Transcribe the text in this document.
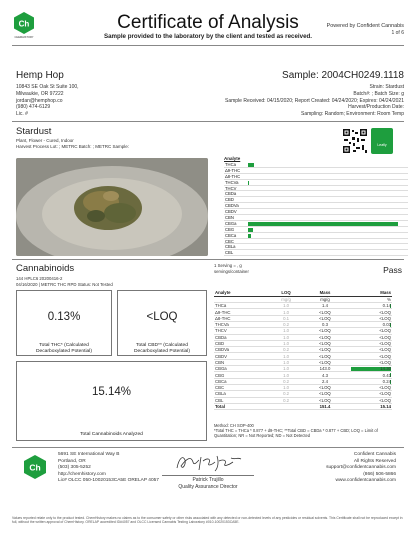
Ch
CHEMHISTORY
Certificate of Analysis
Sample provided to the laboratory by the client and tested as received.
Powered by Confident Cannabis
1 of 6
Hemp Hop
10843 SE Oak St Suite 100,
Milwaukie, OR 97222
jordan@hemphop.co
(980) 474-6129
Lic. #
Sample: 2004CH0249.1118
Strain: Stardust
Batch#: ; Batch Size: g
Sample Received: 04/15/2020; Report Created: 04/24/2020; Expires: 04/24/2021
Harvest/Production Date:
Sampling: Random; Environment: Room Temp
Stardust
Plant, Flower - Cured, Indoor
Harvest Process Lot: ; METRC Batch: ; METRC Sample:	Leafly
Analyte
THCa
Δ9-THC
Δ8-THC
THCVa
THCV
CBDa
CBD
CBDVa
CBDV
CBN
CBGa
CBG
CBCa
CBC
CBLa
CBL
Cannabinoids
144 HPLC6 20200416-2
04/16/2020 | METRC THC RPD Status: Not Tested
1 Serving = , g
servings/container	Pass
0.13%
Total THC* (Calculated
Decarboxylated Potential)
<LOQ
Total CBD** (Calculated
Decarboxylated Potential)
15.14%
Total Cannabinoids Analyzed
Analyte	LOQ	Mass	Mass
	mg/g	mg/g	%
THCa	1.0	1.4	0.14

Δ9-THC	1.0	<LOQ	<LOQ

Δ8-THC	0.1	<LOQ	<LOQ

THCVa	0.2	0.3	0.03

THCV	1.0	<LOQ	<LOQ

CBDa	1.0	<LOQ	<LOQ

CBD	1.0	<LOQ	<LOQ

CBDVa	0.2	<LOQ	<LOQ

CBDV	1.0	<LOQ	<LOQ

CBN	1.0	<LOQ	<LOQ

CBGa	1.0	143.0	14.30

CBG	1.0	4.3	0.43

CBCa	0.2	2.4	0.24

CBC	1.0	<LOQ	<LOQ

CBLa	0.2	<LOQ	<LOQ

CBL	0.2	<LOQ	<LOQ

Total		151.4	15.14
Method: CH SOP-400
*Total THC = THCa * 0.877 + d9-THC; **Total CBD = CBDa * 0.877 + CBD; LOQ = Limit of
Quantitation; NR = Not Reported; ND = Not Detected
Ch
5691 SE International Way B
Portland, OR
(503) 305-5252
http://chemhistory.com
Lic# OLCC 050-10020153CA5E ORELAP 4057	Patrick Trujillo
Quality Assurance Director
Confident Cannabis
All Rights Reserved
support@confidentcannabis.com
(866) 506-5866
www.confidentcannabis.com
Values reported relate only to the product tested. ChemHistory makes no claims as to the consumer safety or other risks associated with any detected or non-detected levels of any pesticides or residual solvents. This Certificate shall not be reproduced except in full, without the written approval of ChemHistory. ORELAP accredited ID#4057 and OLCC Licensed Cannabis Testing Laboratory #010-10020153CA5E.
